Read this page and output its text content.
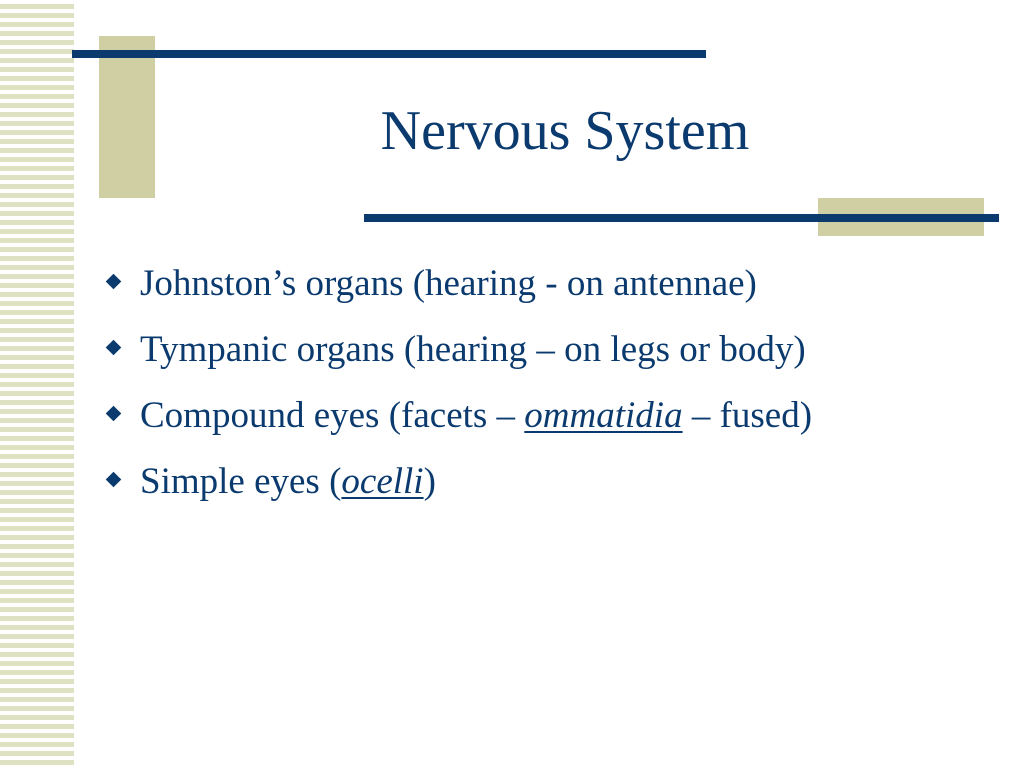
Nervous System
Johnston’s organs (hearing - on antennae)
Tympanic organs (hearing – on legs or body)
Compound eyes (facets – ommatidia – fused)
Simple eyes (ocelli)
